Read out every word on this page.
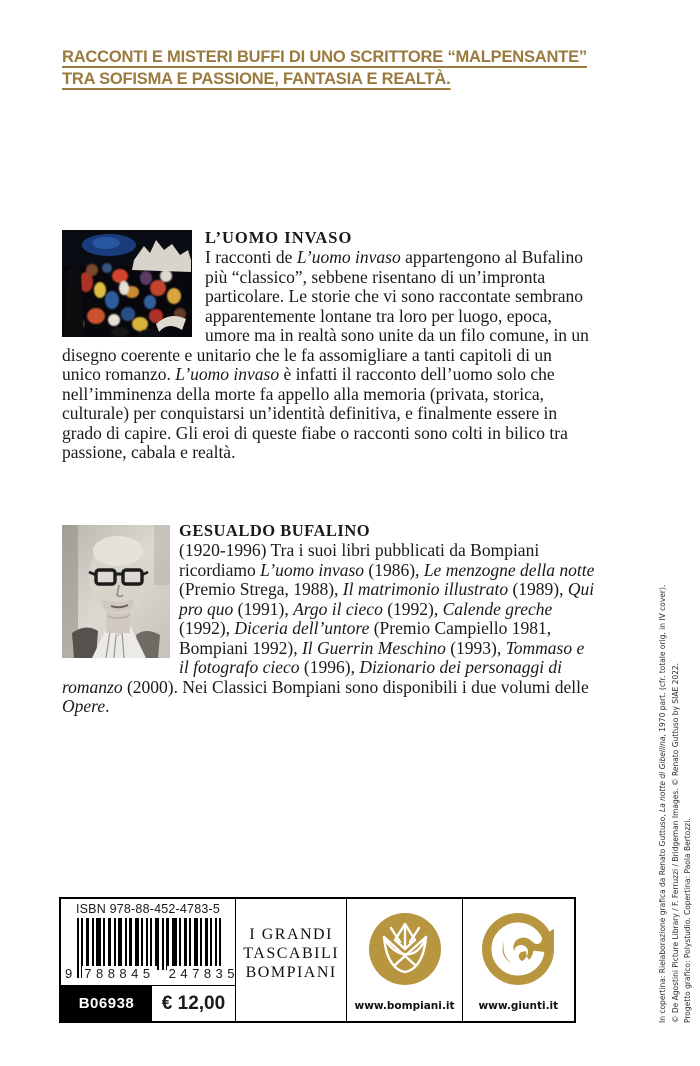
RACCONTI E MISTERI BUFFI DI UNO SCRITTORE “MALPENSANTE”
TRA SOFISMA E PASSIONE, FANTASIA E REALTÀ.
L’UOMO INVASO

I racconti de L’uomo invaso appartengono al Bufalino più “classico”, sebbene risentano di un’impronta particolare. Le storie che vi sono raccontate sembrano apparentemente lontane tra loro per luogo, epoca, umore ma in realtà sono unite da un filo comune, in un disegno coerente e unitario che le fa assomigliare a tanti capitoli di un unico romanzo. L’uomo invaso è infatti il racconto dell’uomo solo che nell’imminenza della morte fa appello alla memoria (privata, storica, culturale) per conquistarsi un’identità definitiva, e finalmente essere in grado di capire. Gli eroi di queste fiabe o racconti sono colti in bilico tra passione, cabala e realtà.

GESUALDO BUFALINO

(1920-1996) Tra i suoi libri pubblicati da Bompiani ricordiamo L’uomo invaso (1986), Le menzogne della notte (Premio Strega, 1988), Il matrimonio illustrato (1989), Qui pro quo (1991), Argo il cieco (1992), Calende greche (1992), Diceria dell’untore (Premio Campiello 1981, Bompiani 1992), Il Guerrin Meschino (1993), Tommaso e il fotografo cieco (1996), Dizionario dei personaggi di romanzo (2000). Nei Classici Bompiani sono disponibili i due volumi delle Opere.

ISBN 978-88-452-4783-5
9 788845 247835
B06938	€ 12,00
I GRANDI
TASCABILI
BOMPIANI
www.bompiani.it www.giunti.it	In copertina: Rielaborazione grafica da Renato Guttuso, La notte di Gibellina, 1970 part. (cfr. totale orig. in IV cover).
© De Agostini Picture Library / F. Ferruzzi / Bridgeman Images. © Renato Guttuso by SIAE 2022. Progetto grafico: Polystudio. Copertina: Paola Bertozzi.
